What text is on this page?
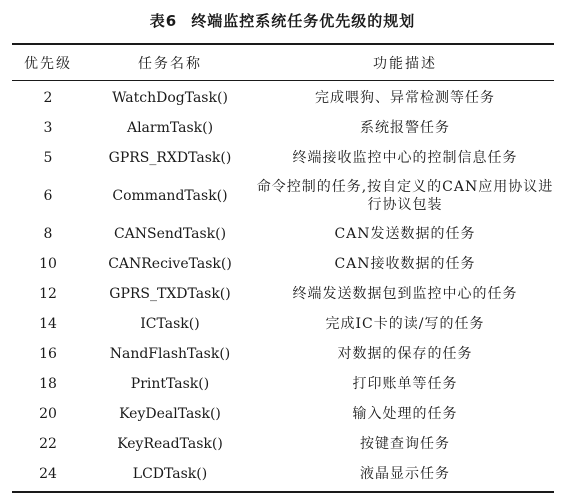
表6 终端监控系统任务优先级的规划
优先级	任务名称	功能描述
2	WatchDogTask()	完成喂狗、异常检测等任务
3	AlarmTask()	系统报警任务
5	GPRS_RXDTask()	终端接收监控中心的控制信息任务
6	CommandTask()	命令控制的任务,按自定义的CAN应用协议进行协议包装
8	CANSendTask()	CAN发送数据的任务
10	CANReciveTask()	CAN接收数据的任务
12	GPRS_TXDTask()	终端发送数据包到监控中心的任务
14	ICTask()	完成IC卡的读/写的任务
16	NandFlashTask()	对数据的保存的任务
18	PrintTask()	打印账单等任务
20	KeyDealTask()	输入处理的任务
22	KeyReadTask()	按键查询任务
24	LCDTask()	液晶显示任务
